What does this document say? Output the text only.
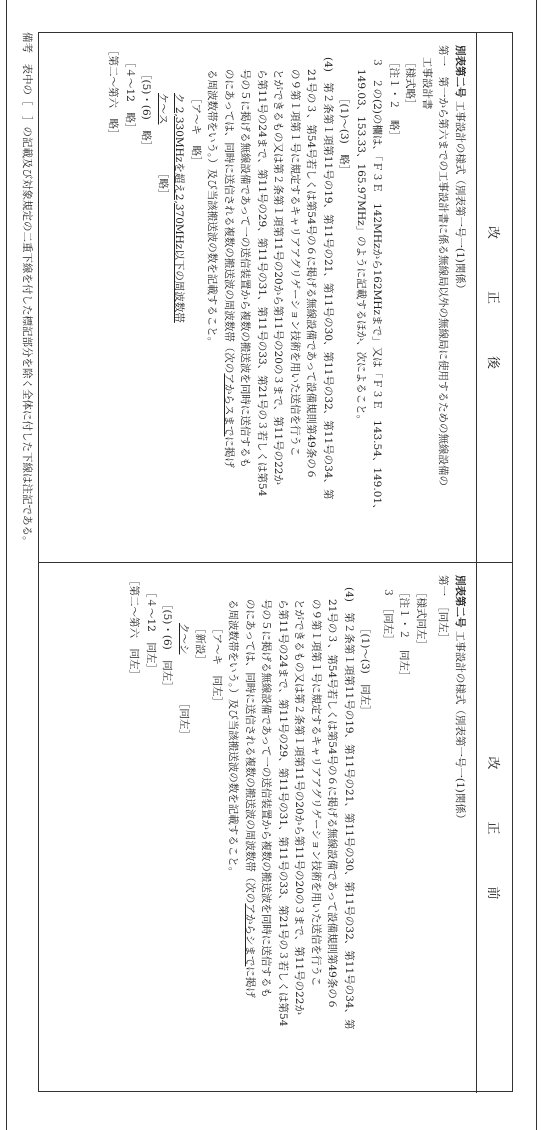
改正後
別表第二号 工事設計の様式（別表第一号一(1)関係）
第一　第一から第六までの工事設計書に係る無線局以外の無線局に使用するための無線設備の
工事設計書
［様式略］
［注１・２　略］
３　２の(2)の欄は、「Ｆ３Ｅ　142MHzから162MHzまで」又は「Ｆ３Ｅ　143.54、149.01、
149.03、153.33、165.97MHz」のように記載するほか、次によること。
［(1)～(3)　略］
(4)　第２条第１項第11号の19、第11号の21、第11号の30、第11号の32、第11号の34、第
21号の３、第54号若しくは第54号の６に掲げる無線設備であって設備規則第49条の６
の９第１項第１号に規定するキャリアアグリゲーション技術を用いた送信を行うこ
とができるもの又は第２条第１項第11号の20から第11号の20の３まで、第11号の22か
ら第11号の24まで、第11号の29、第11号の31、第11号の33、第21号の３若しくは第54
号の５に掲げる無線設備であって一の送信装置から複数の搬送波を同時に送信するも
のにあっては、同時に送信される複数の搬送波の周波数帯（次のアからスまでに掲げ
る周波数帯をいう。）及び当該搬送波の数を記載すること。
［ア～キ　略］
ク 2,330MHzを超え2,370MHz以下の周波数帯
ケ～ス ［略］
［(5)・(6)　略］
［４～12　略］
［第二～第六　略］
改正前
別表第二号 工事設計の様式（別表第一号一(1)関係）
第一　［同左］
［様式同左］
［注１・２　同左］
３　［同左］
［(1)～(3)　同左］
(4)　第２条第１項第11号の19、第11号の21、第11号の30、第11号の32、第11号の34、第
21号の３、第54号若しくは第54号の６に掲げる無線設備であって設備規則第49条の６
の９第１項第１号に規定するキャリアアグリゲーション技術を用いた送信を行うこ
とができるもの又は第２条第１項第11号の20から第11号の20の３まで、第11号の22か
ら第11号の24まで、第11号の29、第11号の31、第11号の33、第21号の３若しくは第54
号の５に掲げる無線設備であって一の送信装置から複数の搬送波を同時に送信するも
のにあっては、同時に送信される複数の搬送波の周波数帯（次のアからシまでに掲げ
る周波数帯をいう。）及び当該搬送波の数を記載すること。
［ア～キ　同左］
［新設］
ク～シ ［同左］
［(5)・(6)　同左］
［４～12　同左］
［第二～第六　同左］
備考　表中の［　］の記載及び対象規定の二重下線を付した標記部分を除く全体に付した下線は注記である。
